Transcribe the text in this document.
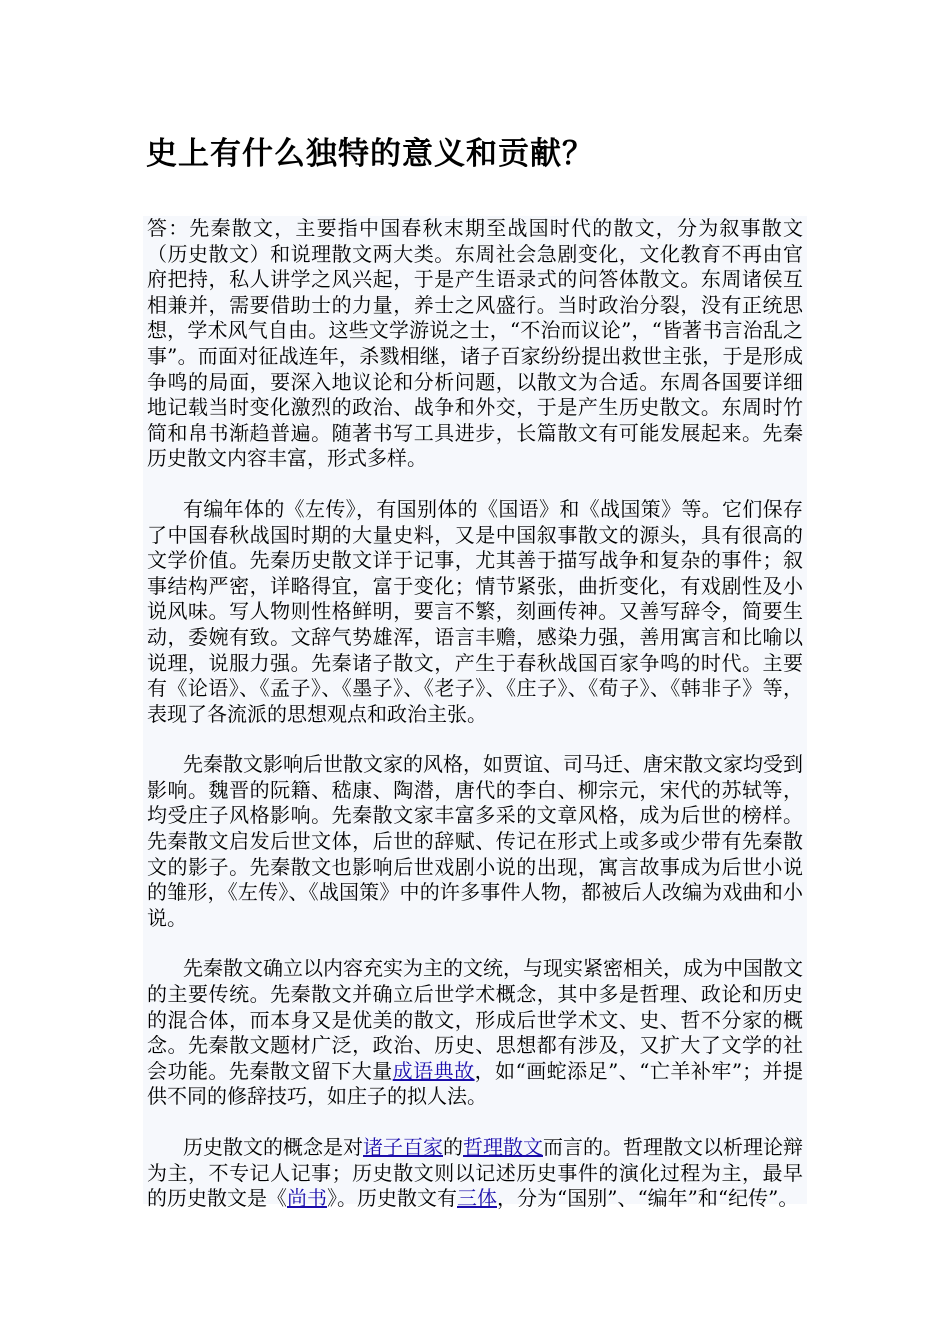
史上有什么独特的意义和贡献？

答：先秦散文，主要指中国春秋末期至战国时代的散文，分为叙事散文（历史散文）和说理散文两大类。东周社会急剧变化，文化教育不再由官府把持，私人讲学之风兴起，于是产生语录式的问答体散文。东周诸侯互相兼并，需要借助士的力量，养士之风盛行。当时政治分裂，没有正统思想，学术风气自由。这些文学游说之士，“不治而议论”，“皆著书言治乱之事”。而面对征战连年，杀戮相继，诸子百家纷纷提出救世主张，于是形成争鸣的局面，要深入地议论和分析问题，以散文为合适。东周各国要详细地记载当时变化激烈的政治、战争和外交，于是产生历史散文。东周时竹简和帛书渐趋普遍。随著书写工具进步，长篇散文有可能发展起来。先秦历史散文内容丰富，形式多样。

有编年体的《左传》，有国别体的《国语》和《战国策》等。它们保存了中国春秋战国时期的大量史料，又是中国叙事散文的源头，具有很高的文学价值。先秦历史散文详于记事，尤其善于描写战争和复杂的事件；叙事结构严密，详略得宜，富于变化；情节紧张，曲折变化，有戏剧性及小说风味。写人物则性格鲜明，要言不繁，刻画传神。又善写辞令，简要生动，委婉有致。文辞气势雄浑，语言丰赡，感染力强，善用寓言和比喻以说理，说服力强。先秦诸子散文，产生于春秋战国百家争鸣的时代。主要有《论语》、《孟子》、《墨子》、《老子》、《庄子》、《荀子》、《韩非子》等，表现了各流派的思想观点和政治主张。

先秦散文影响后世散文家的风格，如贾谊、司马迁、唐宋散文家均受到影响。魏晋的阮籍、嵇康、陶潜，唐代的李白、柳宗元，宋代的苏轼等，均受庄子风格影响。先秦散文家丰富多采的文章风格，成为后世的榜样。先秦散文启发后世文体，后世的辞赋、传记在形式上或多或少带有先秦散文的影子。先秦散文也影响后世戏剧小说的出现，寓言故事成为后世小说的雏形，《左传》、《战国策》中的许多事件人物，都被后人改编为戏曲和小说。

先秦散文确立以内容充实为主的文统，与现实紧密相关，成为中国散文的主要传统。先秦散文并确立后世学术概念，其中多是哲理、政论和历史的混合体，而本身又是优美的散文，形成后世学术文、史、哲不分家的概念。先秦散文题材广泛，政治、历史、思想都有涉及，又扩大了文学的社会功能。先秦散文留下大量成语典故，如“画蛇添足”、“亡羊补牢”；并提供不同的修辞技巧，如庄子的拟人法。

历史散文的概念是对诸子百家的哲理散文而言的。哲理散文以析理论辩为主，不专记人记事；历史散文则以记述历史事件的演化过程为主，最早的历史散文是《尚书》。历史散文有三体，分为“国别”、“编年”和“纪传”。
